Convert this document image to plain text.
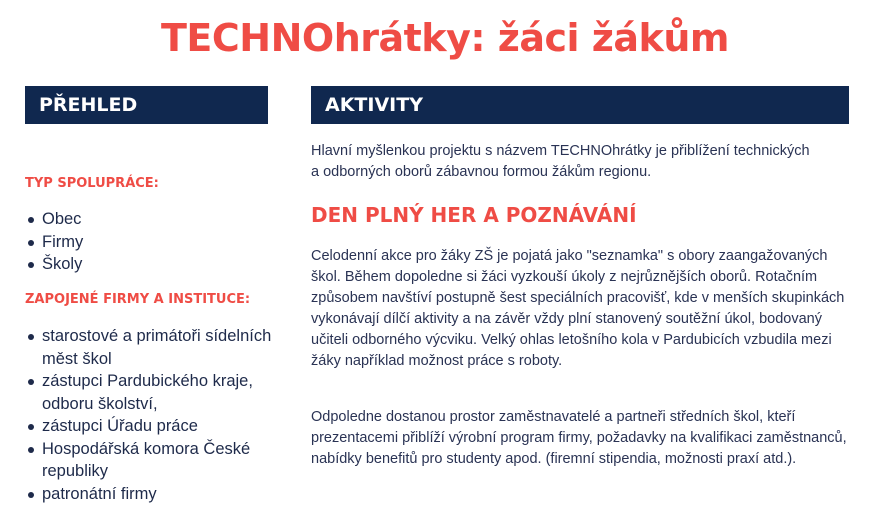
TECHNOhrátky: žáci žákům
PŘEHLED	AKTIVITY
TYP SPOLUPRÁCE:
Obec
Firmy
Školy
ZAPOJENÉ FIRMY A INSTITUCE:
starostové a primátoři sídelních měst škol
zástupci Pardubického kraje, odboru školství,
zástupci Úřadu práce
Hospodářská komora České republiky
patronátní firmy

Hlavní myšlenkou projektu s názvem TECHNOhrátky je přiblížení technických a odborných oborů zábavnou formou žákům regionu.

DEN PLNÝ HER A POZNÁVÁNÍ

Celodenní akce pro žáky ZŠ je pojatá jako "seznamka" s obory zaangažovaných škol. Během dopoledne si žáci vyzkouší úkoly z nejrůznějších oborů. Rotačním způsobem navštíví postupně šest speciálních pracovišť, kde v menších skupinkách vykonávají dílčí aktivity a na závěr vždy plní stanovený soutěžní úkol, bodovaný učiteli odborného výcviku. Velký ohlas letošního kola v Pardubicích vzbudila mezi žáky například možnost práce s roboty.

Odpoledne dostanou prostor zaměstnavatelé a partneři středních škol, kteří prezentacemi přiblíží výrobní program firmy, požadavky na kvalifikaci zaměstnanců, nabídky benefitů pro studenty apod. (firemní stipendia, možnosti praxí atd.).
